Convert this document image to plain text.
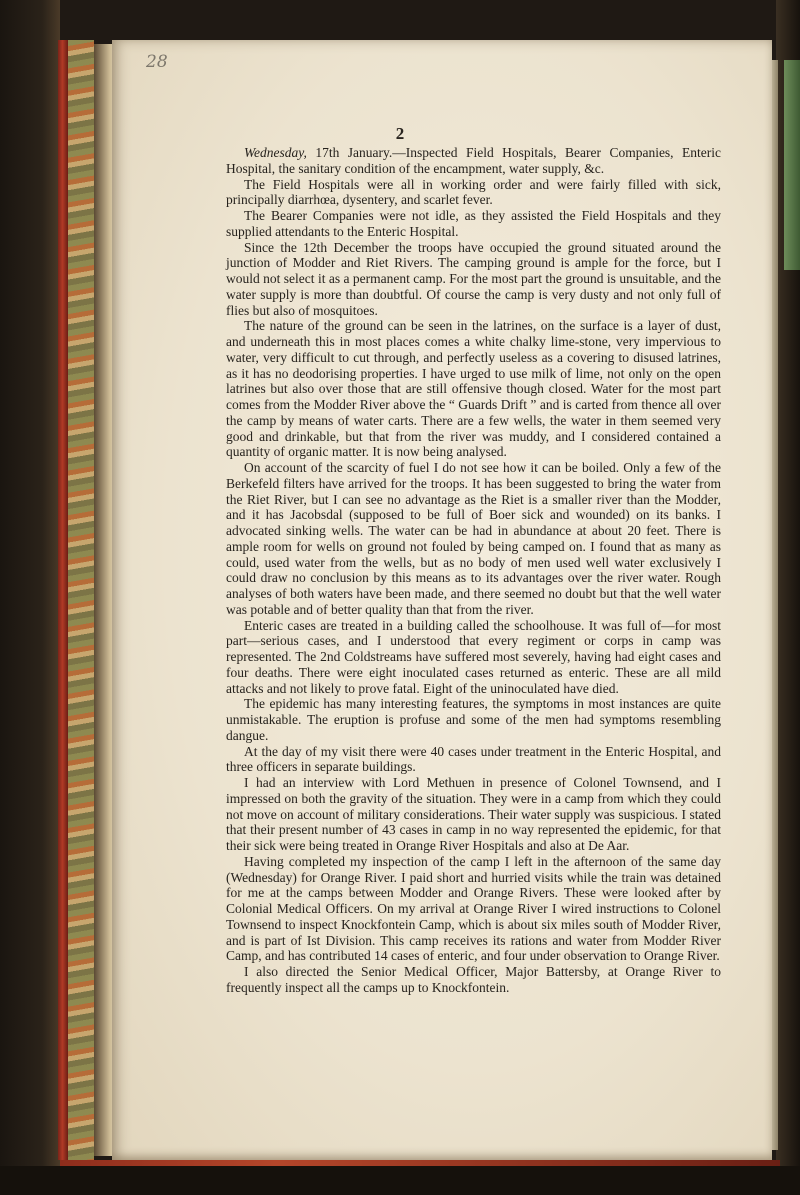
28
2

Wednesday, 17th January.—Inspected Field Hospitals, Bearer Companies, Enteric Hospital, the sanitary condition of the encampment, water supply, &c.

The Field Hospitals were all in working order and were fairly filled with sick, principally diarrhœa, dysentery, and scarlet fever.

The Bearer Companies were not idle, as they assisted the Field Hospitals and they supplied attendants to the Enteric Hospital.

Since the 12th December the troops have occupied the ground situated around the junction of Modder and Riet Rivers. The camping ground is ample for the force, but I would not select it as a permanent camp. For the most part the ground is unsuitable, and the water supply is more than doubtful. Of course the camp is very dusty and not only full of flies but also of mosquitoes.

The nature of the ground can be seen in the latrines, on the surface is a layer of dust, and underneath this in most places comes a white chalky lime-stone, very impervious to water, very difficult to cut through, and perfectly useless as a covering to disused latrines, as it has no deodorising properties. I have urged to use milk of lime, not only on the open latrines but also over those that are still offensive though closed. Water for the most part comes from the Modder River above the “ Guards Drift ” and is carted from thence all over the camp by means of water carts. There are a few wells, the water in them seemed very good and drinkable, but that from the river was muddy, and I considered contained a quantity of organic matter. It is now being analysed.

On account of the scarcity of fuel I do not see how it can be boiled. Only a few of the Berkefeld filters have arrived for the troops. It has been suggested to bring the water from the Riet River, but I can see no advantage as the Riet is a smaller river than the Modder, and it has Jacobsdal (supposed to be full of Boer sick and wounded) on its banks. I advocated sinking wells. The water can be had in abundance at about 20 feet. There is ample room for wells on ground not fouled by being camped on. I found that as many as could, used water from the wells, but as no body of men used well water exclusively I could draw no conclusion by this means as to its advantages over the river water. Rough analyses of both waters have been made, and there seemed no doubt but that the well water was potable and of better quality than that from the river.

Enteric cases are treated in a building called the schoolhouse. It was full of—for most part—serious cases, and I understood that every regiment or corps in camp was represented. The 2nd Coldstreams have suffered most severely, having had eight cases and four deaths. There were eight inoculated cases returned as enteric. These are all mild attacks and not likely to prove fatal. Eight of the uninoculated have died.

The epidemic has many interesting features, the symptoms in most instances are quite unmistakable. The eruption is profuse and some of the men had symptoms resembling dangue.

At the day of my visit there were 40 cases under treatment in the Enteric Hospital, and three officers in separate buildings.

I had an interview with Lord Methuen in presence of Colonel Townsend, and I impressed on both the gravity of the situation. They were in a camp from which they could not move on account of military considerations. Their water supply was suspicious. I stated that their present number of 43 cases in camp in no way represented the epidemic, for that their sick were being treated in Orange River Hospitals and also at De Aar.

Having completed my inspection of the camp I left in the afternoon of the same day (Wednesday) for Orange River. I paid short and hurried visits while the train was detained for me at the camps between Modder and Orange Rivers. These were looked after by Colonial Medical Officers. On my arrival at Orange River I wired instructions to Colonel Townsend to inspect Knockfontein Camp, which is about six miles south of Modder River, and is part of Ist Division. This camp receives its rations and water from Modder River Camp, and has contributed 14 cases of enteric, and four under observation to Orange River.

I also directed the Senior Medical Officer, Major Battersby, at Orange River to frequently inspect all the camps up to Knockfontein.
